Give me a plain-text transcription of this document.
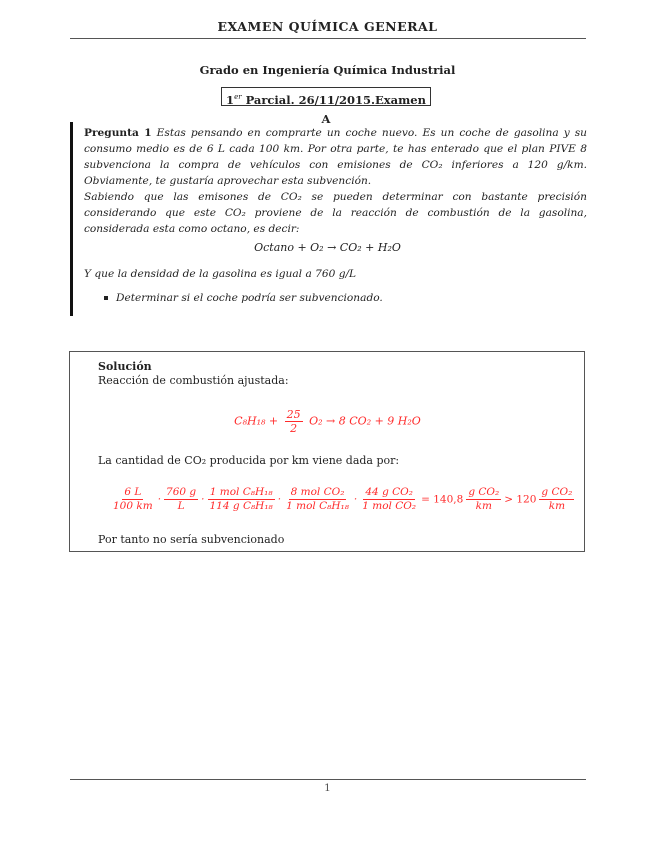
EXAMEN QUÍMICA GENERAL
Grado en Ingeniería Química Industrial
1er Parcial. 26/11/2015.Examen A
Pregunta 1 Estas pensando en comprarte un coche nuevo. Es un coche de gasolina y su consumo medio es de 6 L cada 100 km. Por otra parte, te has enterado que el plan PIVE 8 subvenciona la compra de vehículos con emisiones de CO₂ inferiores a 120 g/km. Obviamente, te gustaría aprovechar esta subvención.
Sabiendo que las emisones de CO₂ se pueden determinar con bastante precisión considerando que este CO₂ proviene de la reacción de combustión de la gasolina, considerada esta como octano, es decir:
Octano + O₂ → CO₂ + H₂O
Y que la densidad de la gasolina es igual a 760 g/L
Determinar si el coche podría ser subvencionado.
Solución
Reacción de combustión ajustada:
$C_8H_{18} + \frac{25}{2} O_2 \to 8$ CO₂ + 9 H₂O
La cantidad de CO₂ producida por km viene dada por:
$\frac{6 L}{100 km} \cdot \frac{760 g}{L} \cdot \frac{\text{1 mol C₈H₁₈}}{\text{114 g C₈H₁₈}} \cdot \frac{\text{8 mol CO₂}}{\text{1 mol C₈H₁₈}} \cdot \frac{\text{44 g CO₂}}{\text{1 mol CO₂}} = 140,8 \frac{\text{g CO₂}}{km} > 120 \frac{\text{g CO₂}}{km}$
Por tanto no sería subvencionado
1
